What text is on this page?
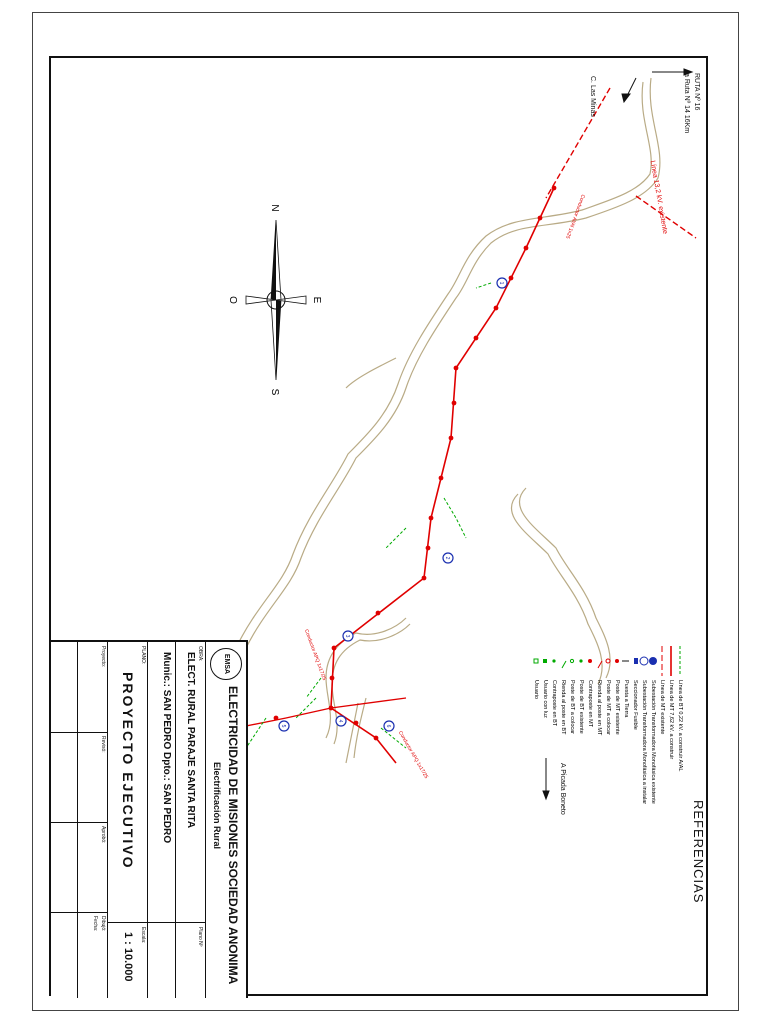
1
2
3
4
5	6
E
O
N
S
RUTA Nº 16
a Ruta Nº 14 16Km
C. Las Minas
Línea 13,2 kV. existente
Conductor Al/Al 1x25
Conductor APQ 1x17/25
Conductor APQ 1x17/25
A Picada Boneto
REFERENCIAS
Línea de BT 0,22 kV. a construir A/AL
Línea de MT 7,62 kV. a construir
Línea de MT existente
Subestación Transformadora Monofásica existente
Subestación Transformadora Monofásica a instalar
Seccionador Fusible
Puesta a Tierra
Poste de MT existente
Poste de MT a colocar
Rienda al poste en MT
Contraposte en MT
Poste de BT existente
Poste de BT a colocar
Rienda al poste en BT
Contraposte en BT
Usuario con luz
Usuario
EMSA
ELECTRICIDAD DE MISIONES SOCIEDAD ANONIMA
Electrificación Rural
OBRA:
ELECT. RURAL PARAJE SANTA RITA
Plano Nº
Munic.: SAN PEDRO Dpto.: SAN PEDRO
PLANO:
PROYECTO EJECUTIVO
Escala:
1 : 10.000
Proyecto:
Revisó:
Aprobó:
Dibujó:
Fecha:
